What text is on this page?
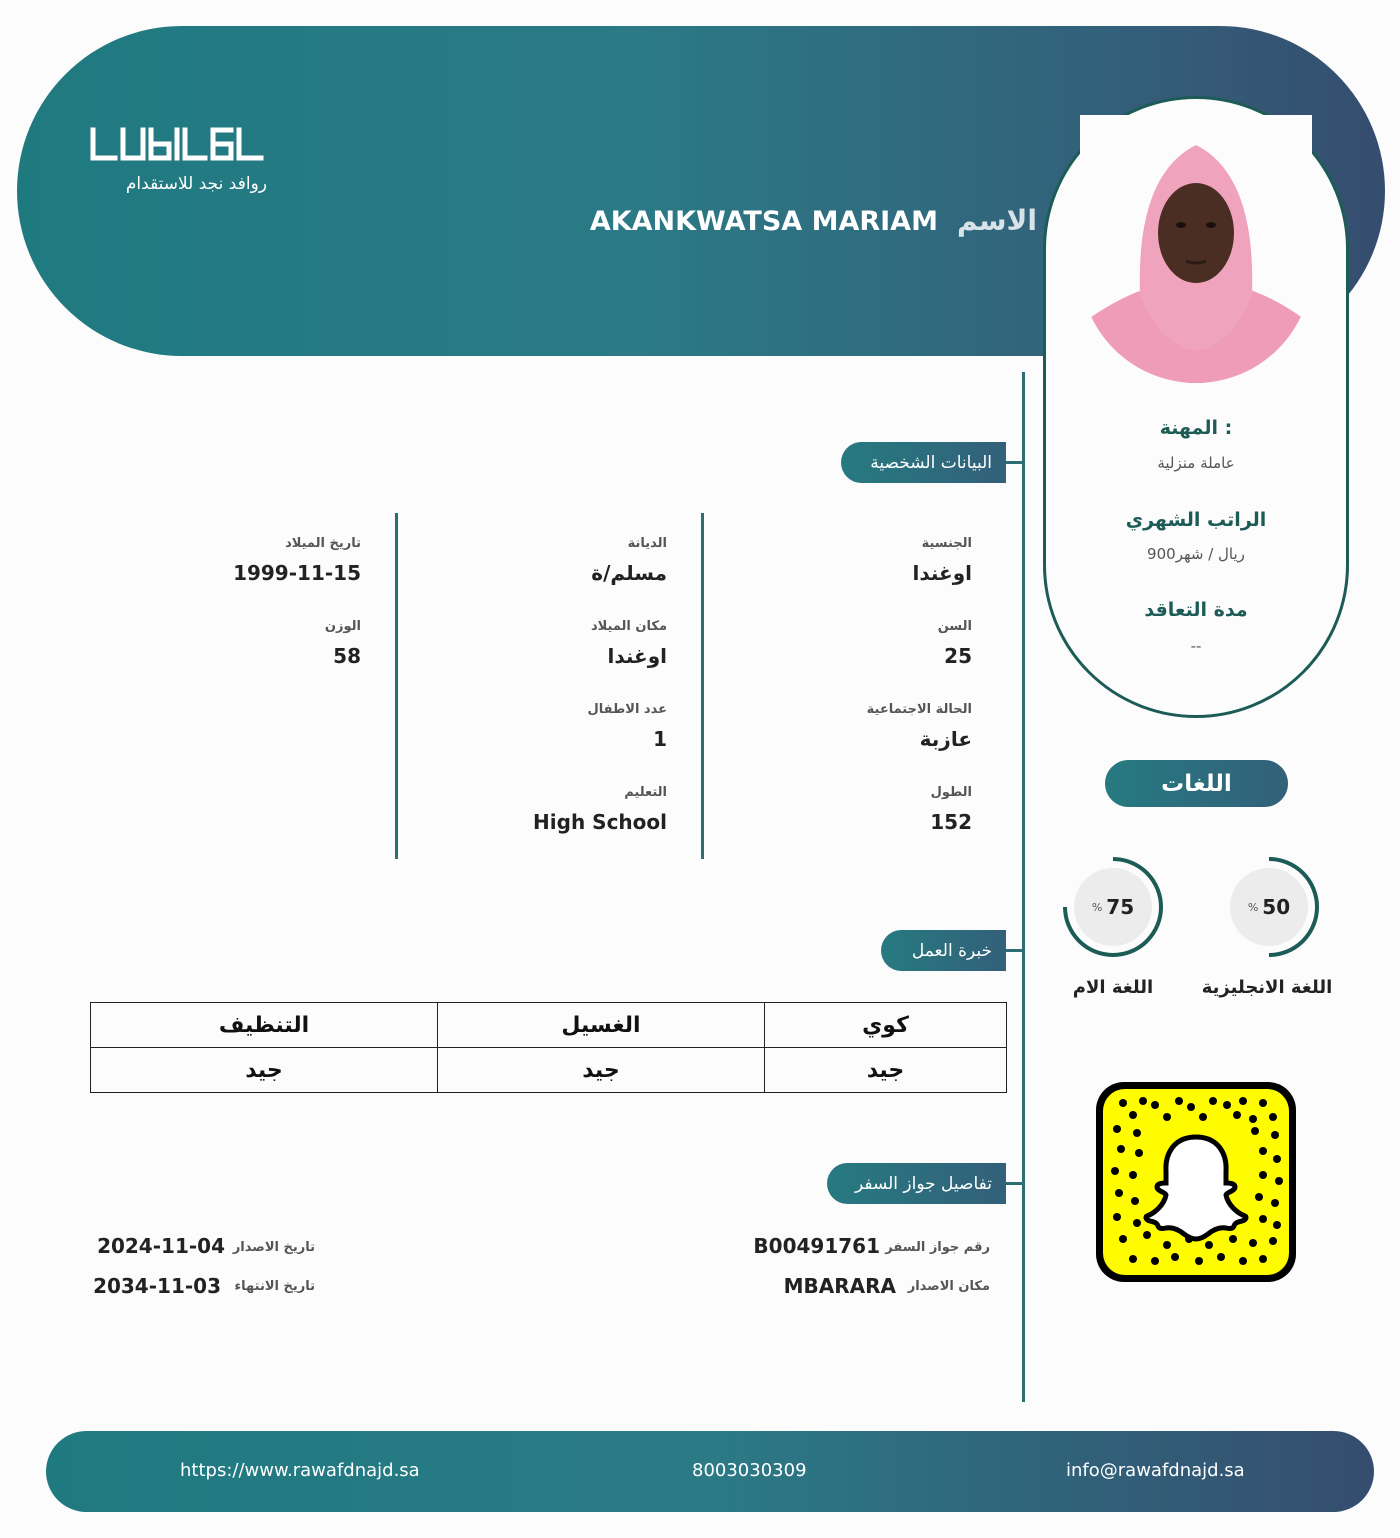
روافد نجد للاستقدام
AKANKWATSA MARIAM الاسم
المهنة :
عاملة منزلية
الراتب الشهري
900ريال / شهر
مدة التعاقد
--
البيانات الشخصية
خبرة العمل
تفاصيل جواز السفر
الجنسية
اوغندا
السن
25
الحالة الاجتماعية
عازبة
الطول
152
الديانة
مسلم/ة
مكان الميلاد
اوغندا
عدد الاطفال
1
التعليم
High School
تاريخ الميلاد
1999-11-15
الوزن
58
اللغات
% 50
اللغة الانجليزية
% 75
اللغة الام
التنظيف	الغسيل	كوي
جيد	جيد	جيد
رقم جواز السفر
B00491761
مكان الاصدار
MBARARA
تاريخ الاصدار
2024-11-04
تاريخ الانتهاء
2034-11-03
https://www.rawafdnajd.sa	8003030309	info@rawafdnajd.sa
